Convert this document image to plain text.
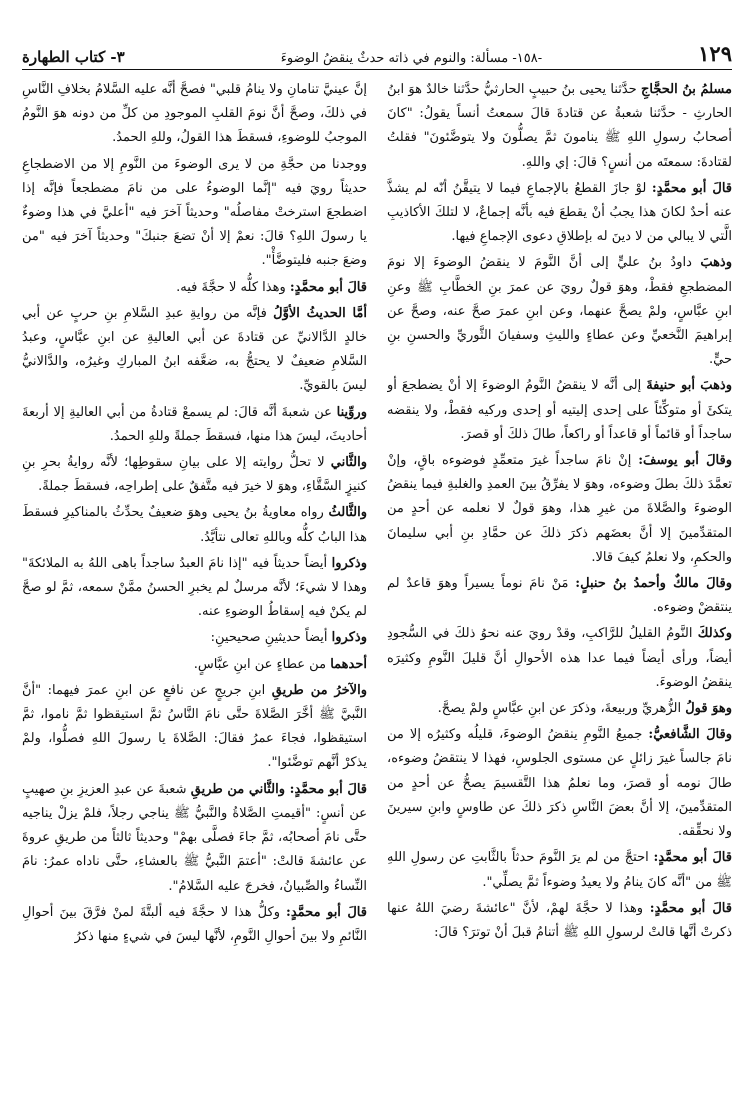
١٢٩
-١٥٨- مسألة: والنوم في ذاته حدثٌ ينقضُ الوضوءَ
٣- كتاب الطهارة

مسلمُ بنُ الحجَّاجِ حدَّثنا يحيى بنُ حبيبٍ الحارثيُّ حدَّثنا خالدٌ هوَ ابنُ الحارثِ - حدَّثنا شعبةُ عن قتادةَ قالَ سمعتُ أنساً يقولُ: "كانَ أصحابُ رسولِ اللهِ ﷺ ينامونَ ثمَّ يصلُّونَ ولا يتوضَّئونَ" فقلتُ لقتادةَ: سمعتَه من أنسٍ؟ قالَ: إي واللهِ.

قالَ أبو محمَّدٍ: لوْ جازَ القطعُ بالإجماعِ فيما لا يتيقَّنُ أنّه لم يشذَّ عنه أحدٌ لكانَ هذا يجبُ أنْ يقطعَ فيه بأنَّه إجماعٌ، لا لتلكَ الأكاذيبِ الَّتي لا يبالي من لا دينَ له بإطلاقِ دعوى الإجماعِ فيها.

وذهبَ داودُ بنُ عليٍّ إلى أنَّ النَّومَ لا ينقضُ الوضوءَ إلا نومَ المضطجعِ فقطْ، وهوَ قولٌ رويَ عن عمرَ بنِ الخطَّابِ ﷺ وعنِ ابنِ عبَّاسٍ، ولمْ يصحَّ عنهما، وعن ابنِ عمرَ صحَّ عنه، وصحَّ عن إبراهيمَ النَّخعيِّ وعن عطاءٍ والليثِ وسفيانَ الثَّوريِّ والحسنِ بنِ حيٍّ.

وذهبَ أبو حنيفةَ إلى أنَّه لا ينقضُ النَّومُ الوضوءَ إلا أنْ يضطجعَ أو يتكئَ أو متوكِّئاً على إحدى إليتيه أو إحدى وركيه فقطْ، ولا ينقضه ساجداً أو قائماً أو قاعداً أو راكعاً، طالَ ذلكَ أو قصرَ.

وقالَ أبو يوسفَ: إنْ نامَ ساجداً غيرَ متعمِّدٍ فوضوءه باقٍ، وإنْ تعمَّدَ ذلكَ بطلَ وضوءه، وهوَ لا يفرِّقُ بينَ العمدِ والغلبةِ فيما ينقضُ الوضوءَ والصَّلاةَ من غيرِ هذا، وهوَ قولٌ لا نعلمه عن أحدٍ من المتقدِّمينَ إلا أنَّ بعضَهم ذكرَ ذلكَ عن حمَّادِ بنِ أبي سليمانَ والحكمِ، ولا نعلمُ كيفَ قالا.

وقالَ مالكٌ وأحمدُ بنُ حنبلٍ: مَنْ نامَ نوماً يسيراً وهوَ قاعدٌ لم ينتقضْ وضوءه.

وكذلكَ النَّومُ القليلُ للرَّاكبِ، وقدْ رويَ عنه نحوُ ذلكَ في السُّجودِ أيضاً، ورأى أيضاً فيما عدا هذه الأحوالِ أنَّ قليلَ النَّومِ وكثيرَه ينقضُ الوضوءَ.

وهوَ قولُ الزُّهريِّ وربيعةَ، وذكرَ عن ابنِ عبَّاسٍ ولمْ يصحَّ.

وقالَ الشَّافعيُّ: جميعُ النَّومِ ينقضُ الوضوءَ، قليلُه وكثيرُه إلا من نامَ جالساً غيرَ زائلٍ عن مستوى الجلوسِ، فهذا لا ينتقضُ وضوءه، طالَ نومه أو قصرَ، وما نعلمُ هذا التَّقسيمَ يصحُّ عن أحدٍ من المتقدِّمينَ، إلا أنَّ بعضَ النَّاسِ ذكرَ ذلكَ عن طاوسٍ وابنِ سيرينَ ولا نحقِّقه.

قالَ أبو محمَّدٍ: احتجَّ من لم يرَ النَّومَ حدثاً بالثَّابتِ عن رسولِ اللهِ ﷺ من "أنَّه كانَ ينامُ ولا يعيدُ وضوءاً ثمَّ يصلِّي".

قالَ أبو محمَّدٍ: وهذا لا حجَّةَ لهمْ، لأنَّ "عائشةَ رضيَ اللهُ عنها ذكرتْ أنَّها قالتْ لرسولِ اللهِ ﷺ أتنامُ قبلَ أنْ توترَ؟ قالَ:

إنَّ عينيَّ تنامانِ ولا ينامُ قلبي" فصحَّ أنَّه عليه السَّلامُ بخلافِ النَّاسِ في ذلكَ، وصحَّ أنَّ نومَ القلبِ الموجودِ من كلِّ من دونه هوَ النَّومُ الموجبُ للوضوءِ، فسقطَ هذا القولُ، وللهِ الحمدُ.

ووجدنا من حجَّةِ من لا يرى الوضوءَ من النَّومِ إلا من الاضطجاعِ حديثاً رويَ فيه "إنَّما الوضوءُ على من نامَ مضطجعاً فإنَّه إذا اضطجعَ استرختْ مفاصلُه" وحديثاً آخرَ فيه "أعليَّ في هذا وضوءٌ يا رسولَ اللهِ؟ قالَ: نعمْ إلا أنْ تضعَ جنبكَ" وحديثاً آخرَ فيه "من وضعَ جنبه فليتوضَّأْ".

قالَ أبو محمَّدٍ: وهذا كلُّه لا حجَّةَ فيه.

أمَّا الحديثُ الأوَّلُ فإنَّه من روايةِ عبدِ السَّلامِ بنِ حربٍ عن أبي خالدٍ الدَّالانيِّ عن قتادةَ عن أبي العاليةِ عن ابنِ عبَّاسٍ، وعبدُ السَّلامِ ضعيفٌ لا يحتجُّ به، ضعَّفه ابنُ المباركِ وغيرُه، والدَّالانيُّ ليسَ بالقويِّ.

وروِّينا عن شعبةَ أنَّه قالَ: لم يسمعْ قتادةُ من أبي العاليةِ إلا أربعةَ أحاديثَ، ليسَ هذا منها، فسقطَ جملةً وللهِ الحمدُ.

والثَّاني لا تحلُّ روايته إلا على بيانِ سقوطِها؛ لأنَّه روايةُ بحرِ بنِ كنيزٍ السَّقَّاءِ، وهوَ لا خيرَ فيه متَّفقٌ على إطراحِه، فسقطَ جملةً.

والثَّالثُ رواه معاويةُ بنُ يحيى وهوَ ضعيفٌ يحدِّثُ بالمناكيرِ فسقطَ هذا البابُ كلُّه وباللهِ تعالى نتأيَّدُ.

وذكروا أيضاً حديثاً فيه "إذا نامَ العبدُ ساجداً باهى اللهُ به الملائكةَ" وهذا لا شيءَ؛ لأنَّه مرسلٌ لم يخبرِ الحسنُ ممَّنْ سمعه، ثمَّ لو صحَّ لم يكنْ فيه إسقاطُ الوضوءِ عنه.

وذكروا أيضاً حديثينِ صحيحينِ:

أحدهما من عطاءٍ عن ابنِ عبَّاسٍ.

والآخرُ من طريقِ ابنِ جريجٍ عن نافعٍ عن ابنِ عمرَ فيهما: "أنَّ النَّبيَّ ﷺ أخَّرَ الصَّلاةَ حتَّى نامَ النَّاسُ ثمَّ استيقظوا ثمَّ ناموا، ثمَّ استيقظوا، فجاءَ عمرُ فقالَ: الصَّلاةَ يا رسولَ اللهِ فصلُّوا، ولمْ يذكرْ أنَّهم توضَّئوا".

قالَ أبو محمَّدٍ: والثَّاني من طريقِ شعبةَ عن عبدِ العزيزِ بنِ صهيبٍ عن أنسٍ: "أقيمتِ الصَّلاةُ والنَّبيُّ ﷺ يناجي رجلاً، فلمْ يزلْ يناجيه حتَّى نامَ أصحابُه، ثمَّ جاءَ فصلَّى بهمْ" وحديثاً ثالثاً من طريقِ عروةَ عن عائشةَ قالتْ: "أعتمَ النَّبيُّ ﷺ بالعشاءِ، حتَّى ناداه عمرُ: نامَ النِّساءُ والصِّبيانُ، فخرجَ عليه السَّلامُ".

قالَ أبو محمَّدٍ: وكلُّ هذا لا حجَّةَ فيه ألبتَّةَ لمنْ فرَّقَ بينَ أحوالِ النَّائمِ ولا بينَ أحوالِ النَّومِ، لأنَّها ليسَ في شيءٍ منها ذكرُ
